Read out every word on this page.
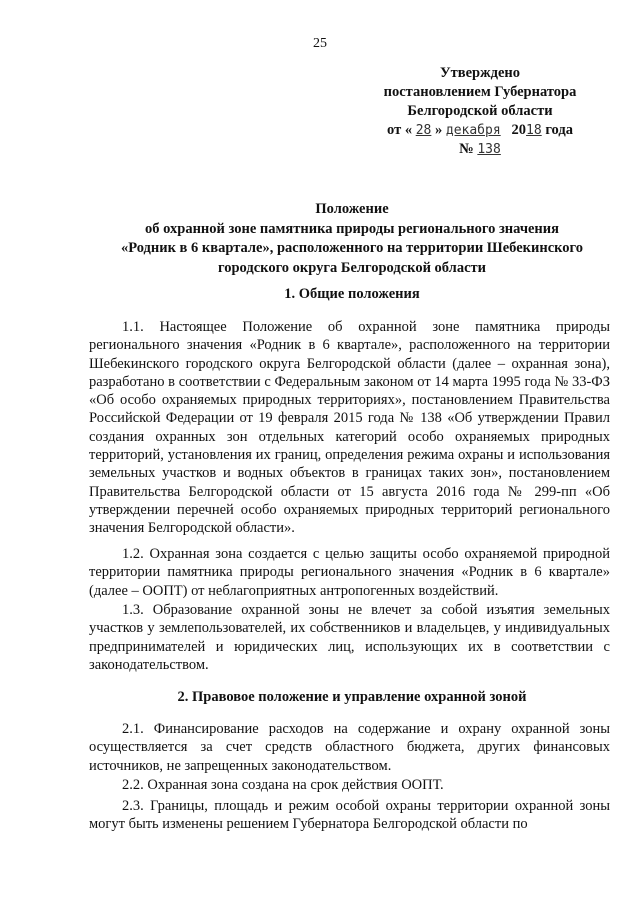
25
Утверждено
постановлением Губернатора
Белгородской области
от « 28 » декабря 2018 года
№ 138
Положение
об охранной зоне памятника природы регионального значения
«Родник в 6 квартале», расположенного на территории Шебекинского
городского округа Белгородской области
1. Общие положения
1.1. Настоящее Положение об охранной зоне памятника природы регионального значения «Родник в 6 квартале», расположенного на территории Шебекинского городского округа Белгородской области (далее – охранная зона), разработано в соответствии с Федеральным законом от 14 марта 1995 года № 33-ФЗ «Об особо охраняемых природных территориях», постановлением Правительства Российской Федерации от 19 февраля 2015 года № 138 «Об утверждении Правил создания охранных зон отдельных категорий особо охраняемых природных территорий, установления их границ, определения режима охраны и использования земельных участков и водных объектов в границах таких зон», постановлением Правительства Белгородской области от 15 августа 2016 года № 299-пп «Об утверждении перечней особо охраняемых природных территорий регионального значения Белгородской области».
1.2. Охранная зона создается с целью защиты особо охраняемой природной территории памятника природы регионального значения «Родник в 6 квартале» (далее – ООПТ) от неблагоприятных антропогенных воздействий.
1.3. Образование охранной зоны не влечет за собой изъятия земельных участков у землепользователей, их собственников и владельцев, у индивидуальных предпринимателей и юридических лиц, использующих их в соответствии с законодательством.
2. Правовое положение и управление охранной зоной
2.1. Финансирование расходов на содержание и охрану охранной зоны осуществляется за счет средств областного бюджета, других финансовых источников, не запрещенных законодательством.
2.2. Охранная зона создана на срок действия ООПТ.
2.3. Границы, площадь и режим особой охраны территории охранной зоны могут быть изменены решением Губернатора Белгородской области по
